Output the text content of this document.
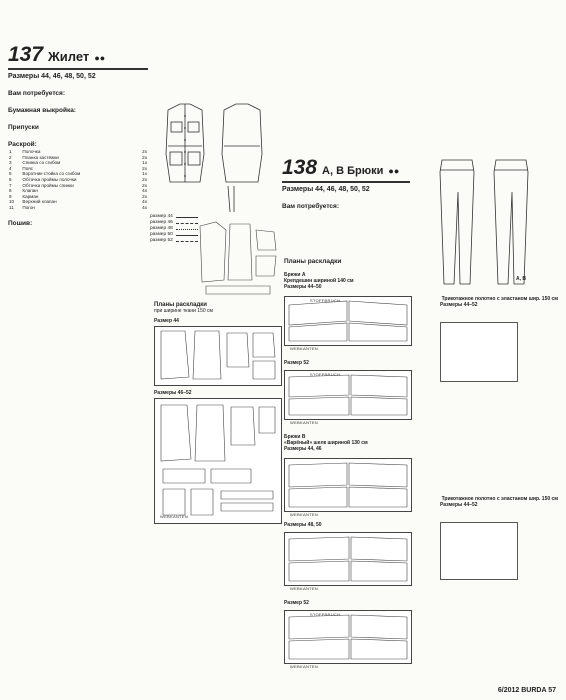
137 Жилет ●●
Размеры 44, 46, 48, 50, 52

Вам потребуется:

Бумажная выкройка:

Припуски

Раскрой:
1	Полочка	2x
2	Планка застёжки	2x
3	Спинка со сгибом	1x
4	Пояс	2x
5	Воротник-стойка со сгибом	1x
6	Обтачка проймы полочки	2x
7	Обтачка проймы спинки	2x
8	Клапан	4x
9	Карман	2x
10	Верхний клапан	4x
11	Погон	4x

Пошив:

размер 44
размер 46
размер 48
размер 50
размер 52
Планы раскладки
при ширине ткани 150 см
Размер 44
Размеры 46–52
WEBKANTEN

138 А, В Брюки ●●
Размеры 44, 46, 48, 50, 52

Вам потребуется:

А, В
Планы раскладки
Брюки А
Крепдешин шириной 140 см
Размеры 44–50
STOFFBRUCH
WEBKANTEN
Размер 52
STOFFBRUCH
WEBKANTEN
Брюки В
«Варёный» шелк шириной 130 см
Размеры 44, 46
WEBKANTEN
Размеры 48, 50
WEBKANTEN
Размер 52
STOFFBRUCH
WEBKANTEN
Трикотажное полотно с эластаном шир. 150 см
Размеры 44–52
Трикотажное полотно с эластаном шир. 150 см
Размеры 44–52
6/2012 BURDA 57
